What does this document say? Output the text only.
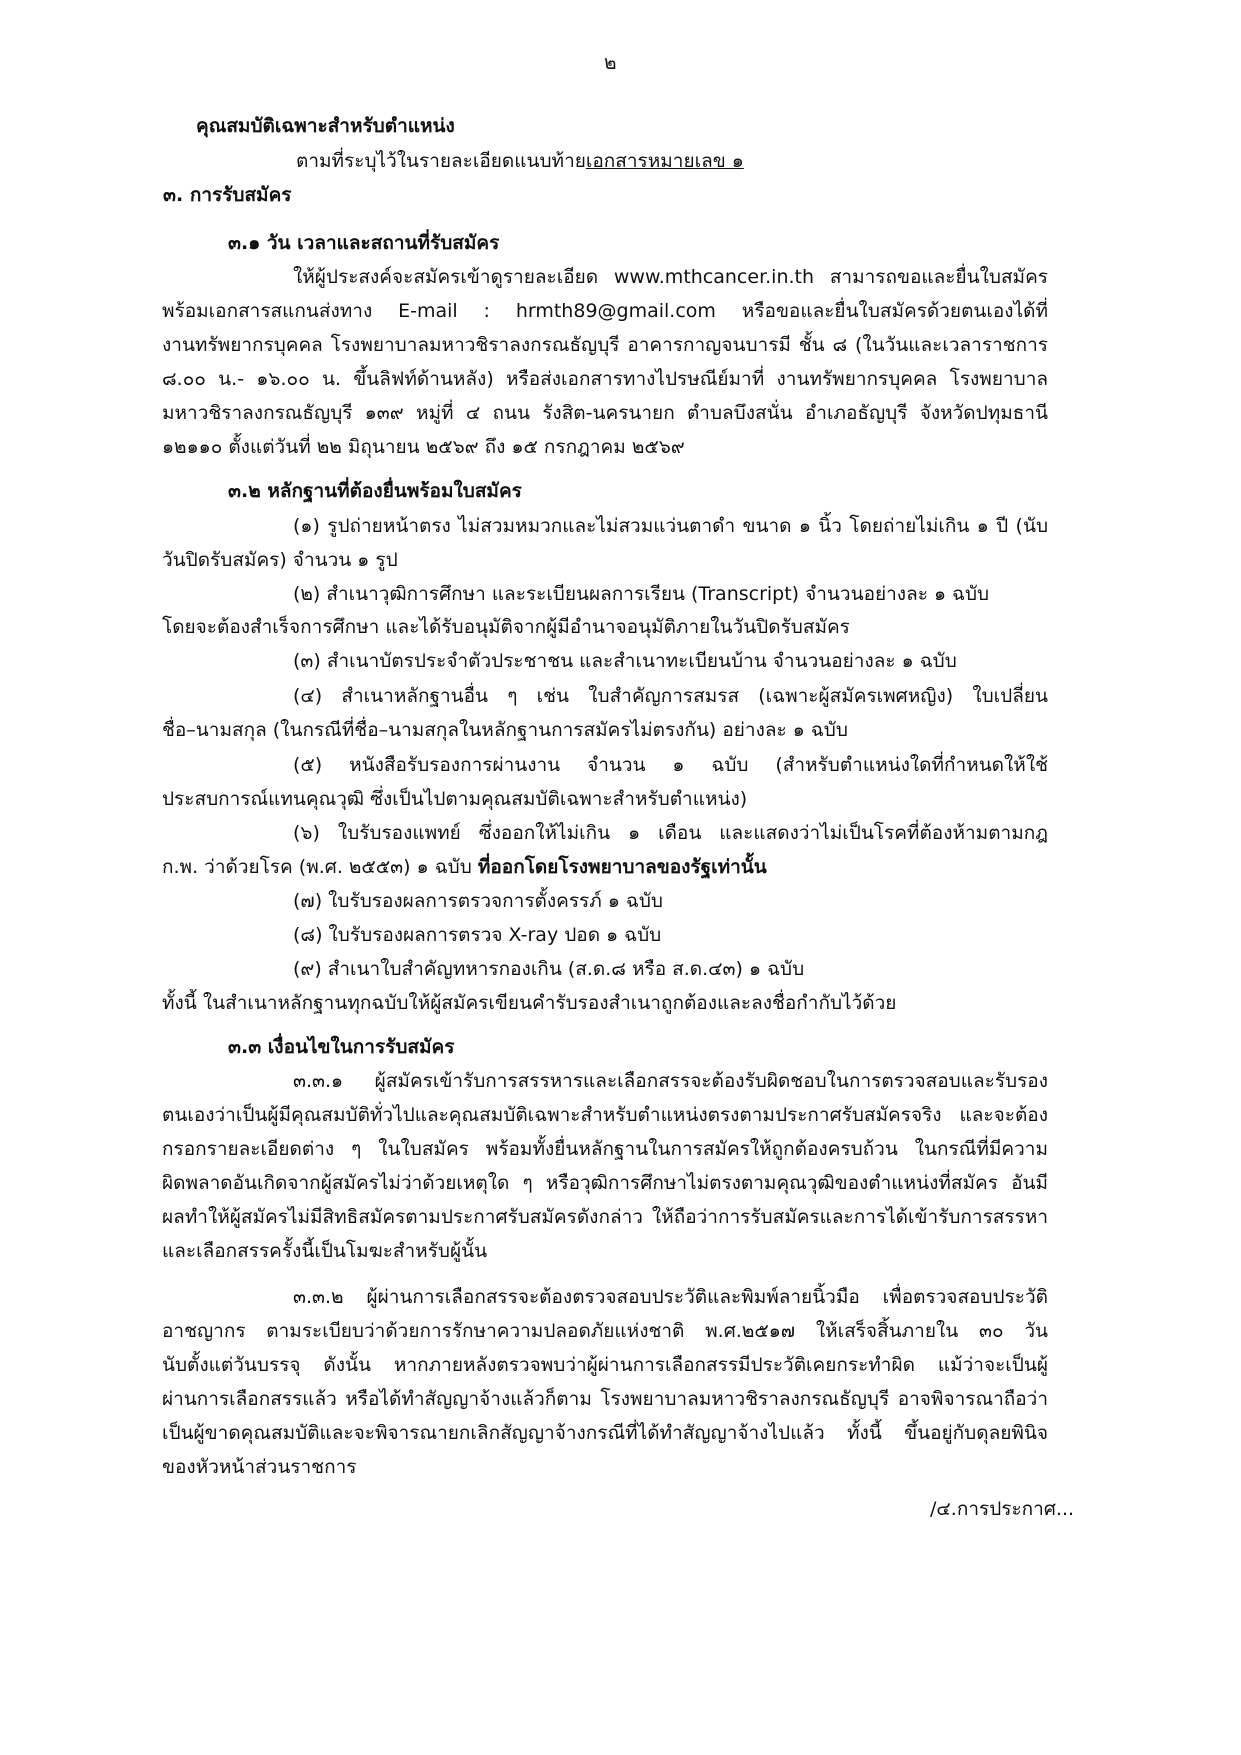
๒
คุณสมบัติเฉพาะสำหรับตำแหน่ง
ตามที่ระบุไว้ในรายละเอียดแนบท้ายเอกสารหมายเลข ๑
๓. การรับสมัคร
๓.๑ วัน เวลาและสถานที่รับสมัคร
ให้ผู้ประสงค์จะสมัครเข้าดูรายละเอียด www.mthcancer.in.th สามารถขอและยื่นใบสมัคร
พร้อมเอกสารสแกนส่งทาง E-mail : hrmth89@gmail.com หรือขอและยื่นใบสมัครด้วยตนเองได้ที่
งานทรัพยากรบุคคล โรงพยาบาลมหาวชิราลงกรณธัญบุรี อาคารกาญจนบารมี ชั้น ๘ (ในวันและเวลาราชการ
๘.๐๐ น.- ๑๖.๐๐ น. ขึ้นลิฟท์ด้านหลัง) หรือส่งเอกสารทางไปรษณีย์มาที่ งานทรัพยากรบุคคล โรงพยาบาล
มหาวชิราลงกรณธัญบุรี ๑๓๙ หมู่ที่ ๔ ถนน รังสิต-นครนายก ตำบลบึงสนั่น อำเภอธัญบุรี จังหวัดปทุมธานี
๑๒๑๑๐ ตั้งแต่วันที่ ๒๒ มิถุนายน ๒๕๖๙ ถึง ๑๕ กรกฎาคม ๒๕๖๙
๓.๒ หลักฐานที่ต้องยื่นพร้อมใบสมัคร
(๑) รูปถ่ายหน้าตรง ไม่สวมหมวกและไม่สวมแว่นตาดำ ขนาด ๑ นิ้ว โดยถ่ายไม่เกิน ๑ ปี (นับ
วันปิดรับสมัคร) จำนวน ๑ รูป
(๒) สำเนาวุฒิการศึกษา และระเบียนผลการเรียน (Transcript) จำนวนอย่างละ ๑ ฉบับ
โดยจะต้องสำเร็จการศึกษา และได้รับอนุมัติจากผู้มีอำนาจอนุมัติภายในวันปิดรับสมัคร
(๓) สำเนาบัตรประจำตัวประชาชน และสำเนาทะเบียนบ้าน จำนวนอย่างละ ๑ ฉบับ
(๔) สำเนาหลักฐานอื่น ๆ เช่น ใบสำคัญการสมรส (เฉพาะผู้สมัครเพศหญิง) ใบเปลี่ยน
ชื่อ–นามสกุล (ในกรณีที่ชื่อ–นามสกุลในหลักฐานการสมัครไม่ตรงกัน) อย่างละ ๑ ฉบับ
(๕) หนังสือรับรองการผ่านงาน จำนวน ๑ ฉบับ (สำหรับตำแหน่งใดที่กำหนดให้ใช้
ประสบการณ์แทนคุณวุฒิ ซึ่งเป็นไปตามคุณสมบัติเฉพาะสำหรับตำแหน่ง)
(๖) ใบรับรองแพทย์ ซึ่งออกให้ไม่เกิน ๑ เดือน และแสดงว่าไม่เป็นโรคที่ต้องห้ามตามกฎ
ก.พ. ว่าด้วยโรค (พ.ศ. ๒๕๕๓) ๑ ฉบับ ที่ออกโดยโรงพยาบาลของรัฐเท่านั้น
(๗) ใบรับรองผลการตรวจการตั้งครรภ์ ๑ ฉบับ
(๘) ใบรับรองผลการตรวจ X-ray ปอด ๑ ฉบับ
(๙) สำเนาใบสำคัญทหารกองเกิน (ส.ด.๘ หรือ ส.ด.๔๓) ๑ ฉบับ
ทั้งนี้ ในสำเนาหลักฐานทุกฉบับให้ผู้สมัครเขียนคำรับรองสำเนาถูกต้องและลงชื่อกำกับไว้ด้วย
๓.๓ เงื่อนไขในการรับสมัคร
๓.๓.๑ ผู้สมัครเข้ารับการสรรหารและเลือกสรรจะต้องรับผิดชอบในการตรวจสอบและรับรอง
ตนเองว่าเป็นผู้มีคุณสมบัติทั่วไปและคุณสมบัติเฉพาะสำหรับตำแหน่งตรงตามประกาศรับสมัครจริง และจะต้อง
กรอกรายละเอียดต่าง ๆ ในใบสมัคร พร้อมทั้งยื่นหลักฐานในการสมัครให้ถูกต้องครบถ้วน ในกรณีที่มีความ
ผิดพลาดอันเกิดจากผู้สมัครไม่ว่าด้วยเหตุใด ๆ หรือวุฒิการศึกษาไม่ตรงตามคุณวุฒิของตำแหน่งที่สมัคร อันมี
ผลทำให้ผู้สมัครไม่มีสิทธิสมัครตามประกาศรับสมัครดังกล่าว ให้ถือว่าการรับสมัครและการได้เข้ารับการสรรหา
และเลือกสรรครั้งนี้เป็นโมฆะสำหรับผู้นั้น
๓.๓.๒ ผู้ผ่านการเลือกสรรจะต้องตรวจสอบประวัติและพิมพ์ลายนิ้วมือ เพื่อตรวจสอบประวัติ
อาชญากร ตามระเบียบว่าด้วยการรักษาความปลอดภัยแห่งชาติ พ.ศ.๒๕๑๗ ให้เสร็จสิ้นภายใน ๓๐ วัน
นับตั้งแต่วันบรรจุ ดังนั้น หากภายหลังตรวจพบว่าผู้ผ่านการเลือกสรรมีประวัติเคยกระทำผิด แม้ว่าจะเป็นผู้
ผ่านการเลือกสรรแล้ว หรือได้ทำสัญญาจ้างแล้วก็ตาม โรงพยาบาลมหาวชิราลงกรณธัญบุรี อาจพิจารณาถือว่า
เป็นผู้ขาดคุณสมบัติและจะพิจารณายกเลิกสัญญาจ้างกรณีที่ได้ทำสัญญาจ้างไปแล้ว ทั้งนี้ ขึ้นอยู่กับดุลยพินิจ
ของหัวหน้าส่วนราชการ
/๔.การประกาศ...
